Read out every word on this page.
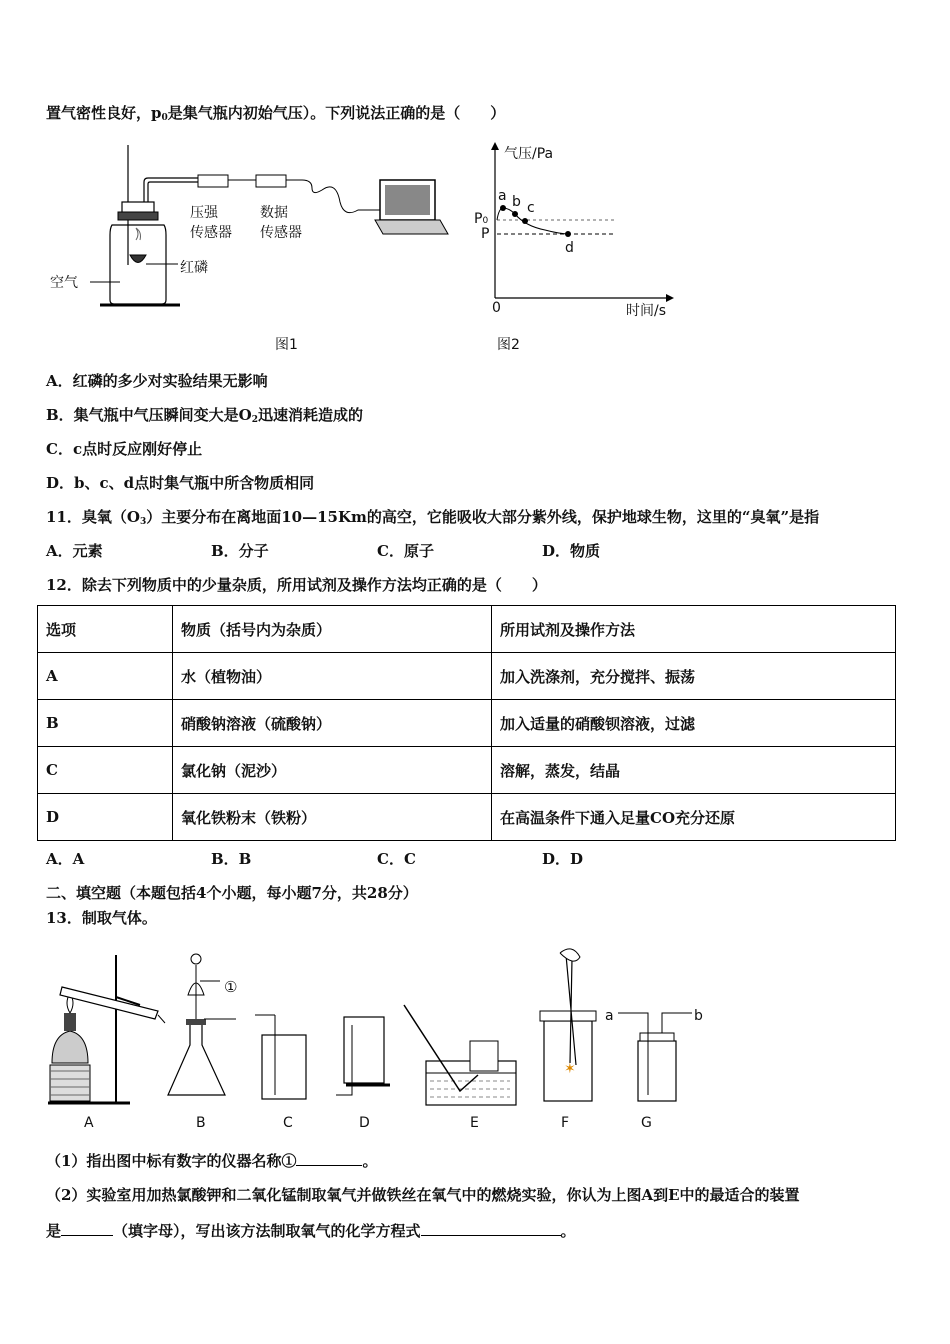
置气密性良好，$p_0$是集气瓶内初始气压）。下列说法正确的是（　　）
压强
传感器
数据
传感器
红磷
空气
图1
气压/Pa
时间/s
0
P0
P
a b c
d
图2
A．红磷的多少对实验结果无影响
B．集气瓶中气压瞬间变大是$O_2$迅速消耗造成的
C．c点时反应刚好停止
D．b、c、d点时集气瓶中所含物质相同
11．臭氧$(O_3)$主要分布在离地面10—15Km的高空，它能吸收大部分紫外线，保护地球生物，这里的“臭氧”是指
A．元素	B．分子	C．原子	D．物质
12．除去下列物质中的少量杂质，所用试剂及操作方法均正确的是（　　）
选项	物质（括号内为杂质）	所用试剂及操作方法
A	水（植物油）	加入洗涤剂，充分搅拌、振荡
B	硝酸钠溶液（硫酸钠）	加入适量的硝酸钡溶液，过滤
C	氯化钠（泥沙）	溶解，蒸发，结晶
D	氧化铁粉末（铁粉）	在高温条件下通入足量CO充分还原
A．A	B．B	C．C	D．D
二、填空题（本题包括4个小题，每小题7分，共28分）
13．制取气体。
✶
①
a	b
A	B	C	D	E	F	G
（1）指出图中标有数字的仪器名称①	。
（2）实验室用加热氯酸钾和二氧化锰制取氧气并做铁丝在氧气中的燃烧实验，你认为上图A到E中的最适合的装置
是	（填字母），写出该方法制取氧气的化学方程式	。
